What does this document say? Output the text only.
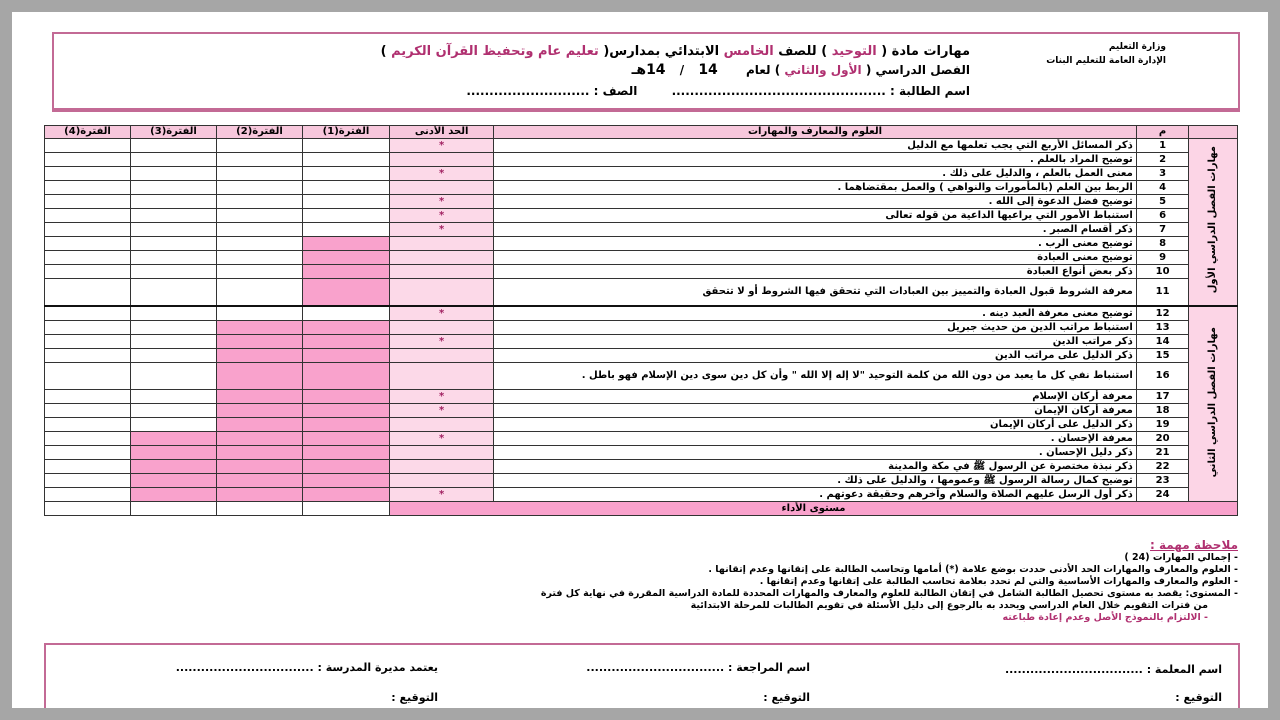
وزارة التعليم
الإدارة العامة للتعليم البنات
مهارات مادة ( التوحيد ) للصف الخامس الابتدائي بمدارس( تعليم عام وتحفيظ القرآن الكريم )
الفصل الدراسي ( الأول والثاني ) لعام 14 / 14هـ
اسم الطالبة : ............................................... الصف : ...........................
الفترة(4)	الفترة(3)	الفترة(2)	الفترة(1)	الحد الأدنى	العلوم والمعارف والمهارات	م	
				*	ذكر المسائل الأربع التي يجب تعلمها مع الدليل	1	مهارات الفصل الدراسي الأول
					توضيح المراد بالعلم .	2	
				*	معنى العمل بالعلم ، والدليل على ذلك .	3	
					الربط بين العلم (بالمأمورات والنواهي ) والعمل بمقتضاهما .	4	
				*	توضيح فضل الدعوة إلى الله .	5	
				*	استنباط الأمور التي يراعيها الداعية من قوله تعالى	6	
				*	ذكر أقسام الصبر .	7	
					توضيح معنى الرب .	8	
					توضيح معنى العبادة	9	
					ذكر بعض أنواع العبادة	10	
					معرفة الشروط قبول العبادة والتمييز بين العبادات التي تتحقق فيها الشروط أو لا تتحقق	11	
				*	توضيح معنى معرفة العبد دينه .	12	مهارات الفصل الدراسي الثاني
					استنباط مراتب الدين من حديث جبريل	13	
				*	ذكر مراتب الدين	14	
					ذكر الدليل على مراتب الدين	15	
					استنباط نفي كل ما يعبد من دون الله من كلمة التوحيد "لا إله إلا الله " وأن كل دين سوى دين الإسلام فهو باطل .	16	
				*	معرفة أركان الإسلام	17	
				*	معرفة أركان الإيمان	18	
					ذكر الدليل على أركان الإيمان	19	
				*	معرفة الإحسان .	20	
					ذكر دليل الإحسان .	21	
					ذكر نبذة مختصرة عن الرسول ﷺ في مكة والمدينة	22	
					توضيح كمال رسالة الرسول ﷺ وعمومها ، والدليل على ذلك .	23	
				*	ذكر أول الرسل عليهم الصلاة والسلام وآخرهم وحقيقة دعوتهم .	24	
				مستوى الأداء			
ملاحظة مهمة :
- إجمالي المهارات (24 )
- العلوم والمعارف والمهارات الحد الأدنى حددت بوضع علامة (*) أمامها وتحاسب الطالبة على إتقانها وعدم إتقانها .
- العلوم والمعارف والمهارات الأساسية والتي لم تحدد بعلامة تحاسب الطالبة على إتقانها وعدم إتقانها .
- المستوى: يقصد به مستوى تحصيل الطالبة الشامل في إتقان الطالبة للعلوم والمعارف والمهارات المحددة للمادة الدراسية المقررة في نهاية كل فترة
من فترات التقويم خلال العام الدراسي ويحدد به بالرجوع إلى دليل الأسئلة في تقويم الطالبات للمرحلة الابتدائية
- الالتزام بالنموذج الأصل وعدم إعادة طباعته
اسم المعلمة : .................................
اسم المراجعة : .................................
يعتمد مديرة المدرسة : .................................
التوقيع :
التوقيع :
التوقيع :
